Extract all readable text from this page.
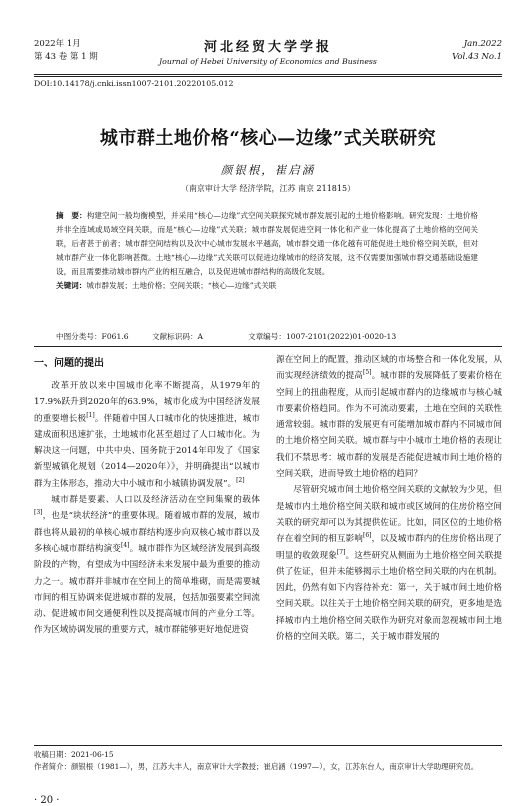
2022年 1月
第 43 卷 第 1 期
河北经贸大学学报
Journal of Hebei University of Economics and Business
Jan.2022
Vol.43 No.1
DOI:10.14178/j.cnki.issn1007-2101.20220105.012
城市群土地价格“核心—边缘”式关联研究
颜银根，崔启涵
（南京审计大学 经济学院，江苏 南京 211815）
摘　要：构建空间一般均衡模型，并采用“核心—边缘”式空间关联探究城市群发展引起的土地价格影响。研究发现：土地价格并非全连域或局域空间关联，而是“核心—边缘”式关联；城市群发展促进空间一体化和产业一体化提高了土地价格的空间关联，后者甚于前者；城市群空间结构以及次中心城市发展水平越高，城市群交通一体化越有可能促进土地价格空间关联，但对城市群产业一体化影响甚微。土地“核心—边缘”式关联可以促进边缘城市的经济发展，这不仅需要加强城市群交通基础设施建设，而且需要推动城市群内产业的相互融合，以及促进城市群结构的高级化发展。
关键词：城市群发展；土地价格；空间关联；“核心—边缘”式关联
中图分类号：F061.6	文献标识码：A	文章编号：1007-2101(2022)01-0020-13
一、问题的提出

改革开放以来中国城市化率不断提高，从1979年的17.9%跃升到2020年的63.9%，城市化成为中国经济发展的重要增长极[1]。伴随着中国人口城市化的快速推进，城市建成面积迅速扩张，土地城市化甚至超过了人口城市化。为解决这一问题，中共中央、国务院于2014年印发了《国家新型城镇化规划（2014—2020年）》，并明确提出“以城市群为主体形态，推动大中小城市和小城镇协调发展”。[2]

城市群是要素、人口以及经济活动在空间集聚的载体[3]，也是“块状经济”的重要体现。随着城市群的发展，城市群也将从最初的单核心城市群结构逐步向双核心城市群以及多核心城市群结构演变[4]。城市群作为区域经济发展到高级阶段的产物，有望成为中国经济未来发展中最为重要的推动力之一。城市群并非城市在空间上的简单堆砌，而是需要城市间的相互协调来促进城市群的发展，包括加强要素空间流动、促进城市间交通便利性以及提高城市间的产业分工等。作为区域协调发展的重要方式，城市群能够更好地促进资

源在空间上的配置，推动区域的市场整合和一体化发展，从而实现经济绩效的提高[5]。城市群的发展降低了要素价格在空间上的扭曲程度，从而引起城市群内的边缘城市与核心城市要素价格趋同。作为不可流动要素，土地在空间的关联性通常较弱。城市群的发展更有可能增加城市群内不同城市间的土地价格空间关联。城市群与中小城市土地价格的表现让我们不禁思考：城市群的发展是否能促进城市间土地价格的空间关联，进而导致土地价格的趋同？

尽管研究城市间土地价格空间关联的文献较为少见，但是城市内土地价格空间关联和城市或区域间的住房价格空间关联的研究却可以为其提供佐证。比如，同区位的土地价格存在着空间的相互影响[6]，以及城市群内的住房价格出现了明显的收敛现象[7]。这些研究从侧面为土地价格空间关联提供了佐证，但并未能够揭示土地价格空间关联的内在机制。因此，仍然有如下内容待补充：第一，关于城市间土地价格空间关联。以往关于土地价格空间关联的研究，更多地是选择城市内土地价格空间关联作为研究对象而忽视城市间土地价格的空间关联。第二，关于城市群发展的

收稿日期：2021-06-15
作者简介：颜银根（1981—），男，江苏大丰人，南京审计大学教授；崔启涵（1997—），女，江苏东台人，南京审计大学助理研究员。
· 20 ·
